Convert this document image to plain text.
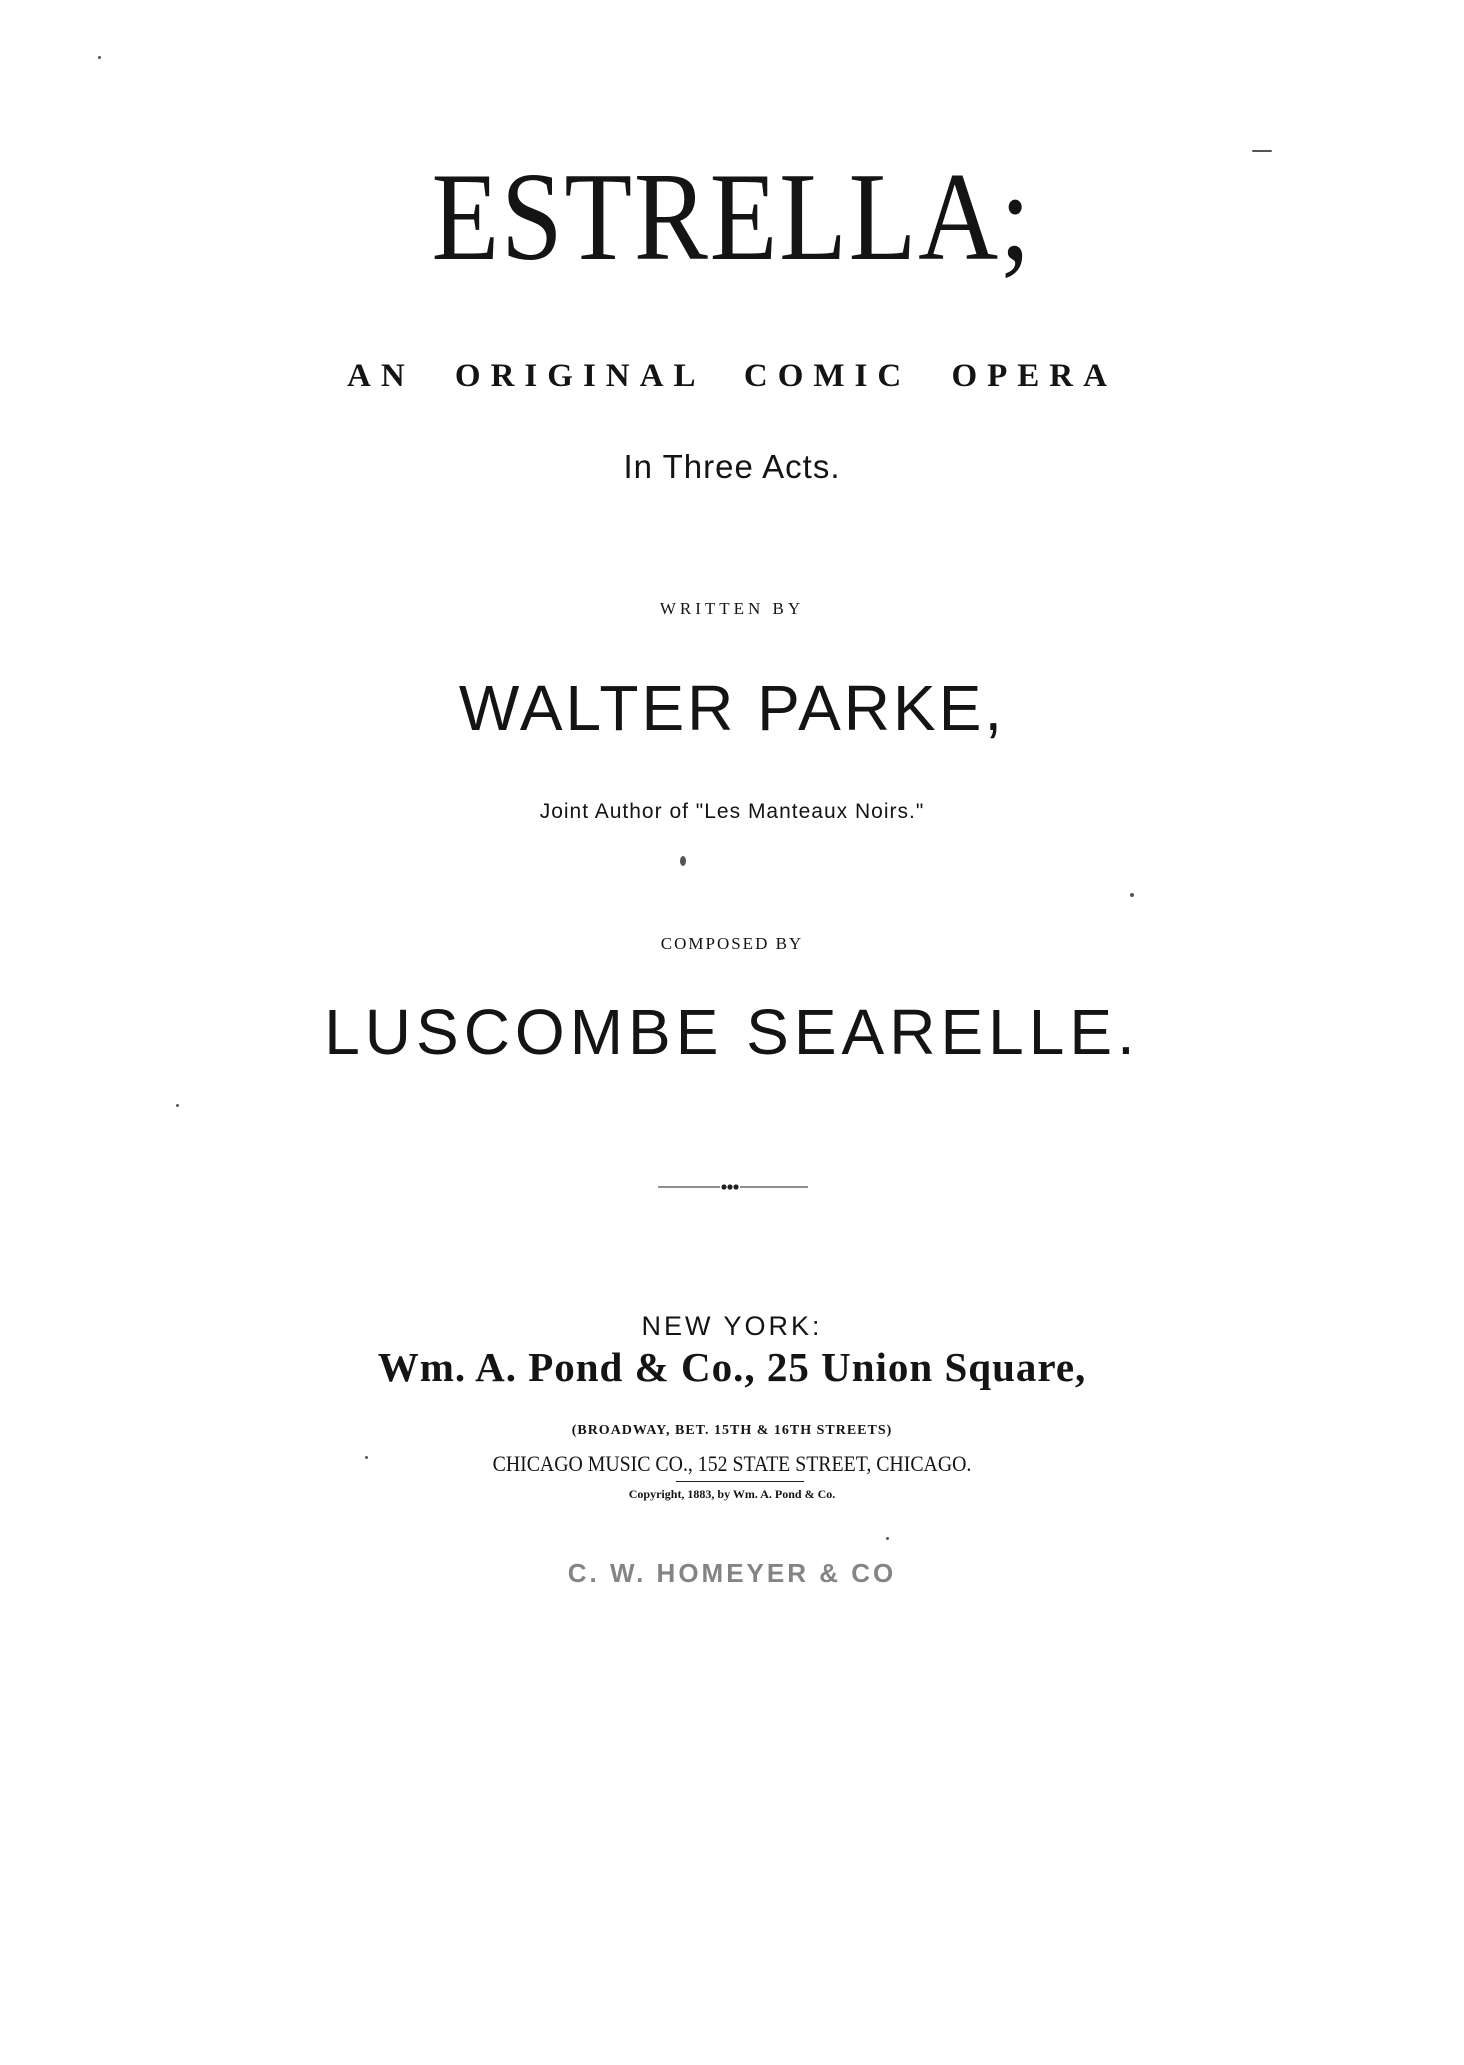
ESTRELLA;
AN ORIGINAL COMIC OPERA
In Three Acts.
WRITTEN BY
WALTER PARKE,
Joint Author of "Les Manteaux Noirs."
COMPOSED BY
LUSCOMBE SEARELLE.
NEW YORK:
Wm. A. Pond & Co., 25 Union Square,
(BROADWAY, BET. 15TH & 16TH STREETS)
CHICAGO MUSIC CO., 152 STATE STREET, CHICAGO.
Copyright, 1883, by Wm. A. Pond & Co.
C. W. HOMEYER & CO
